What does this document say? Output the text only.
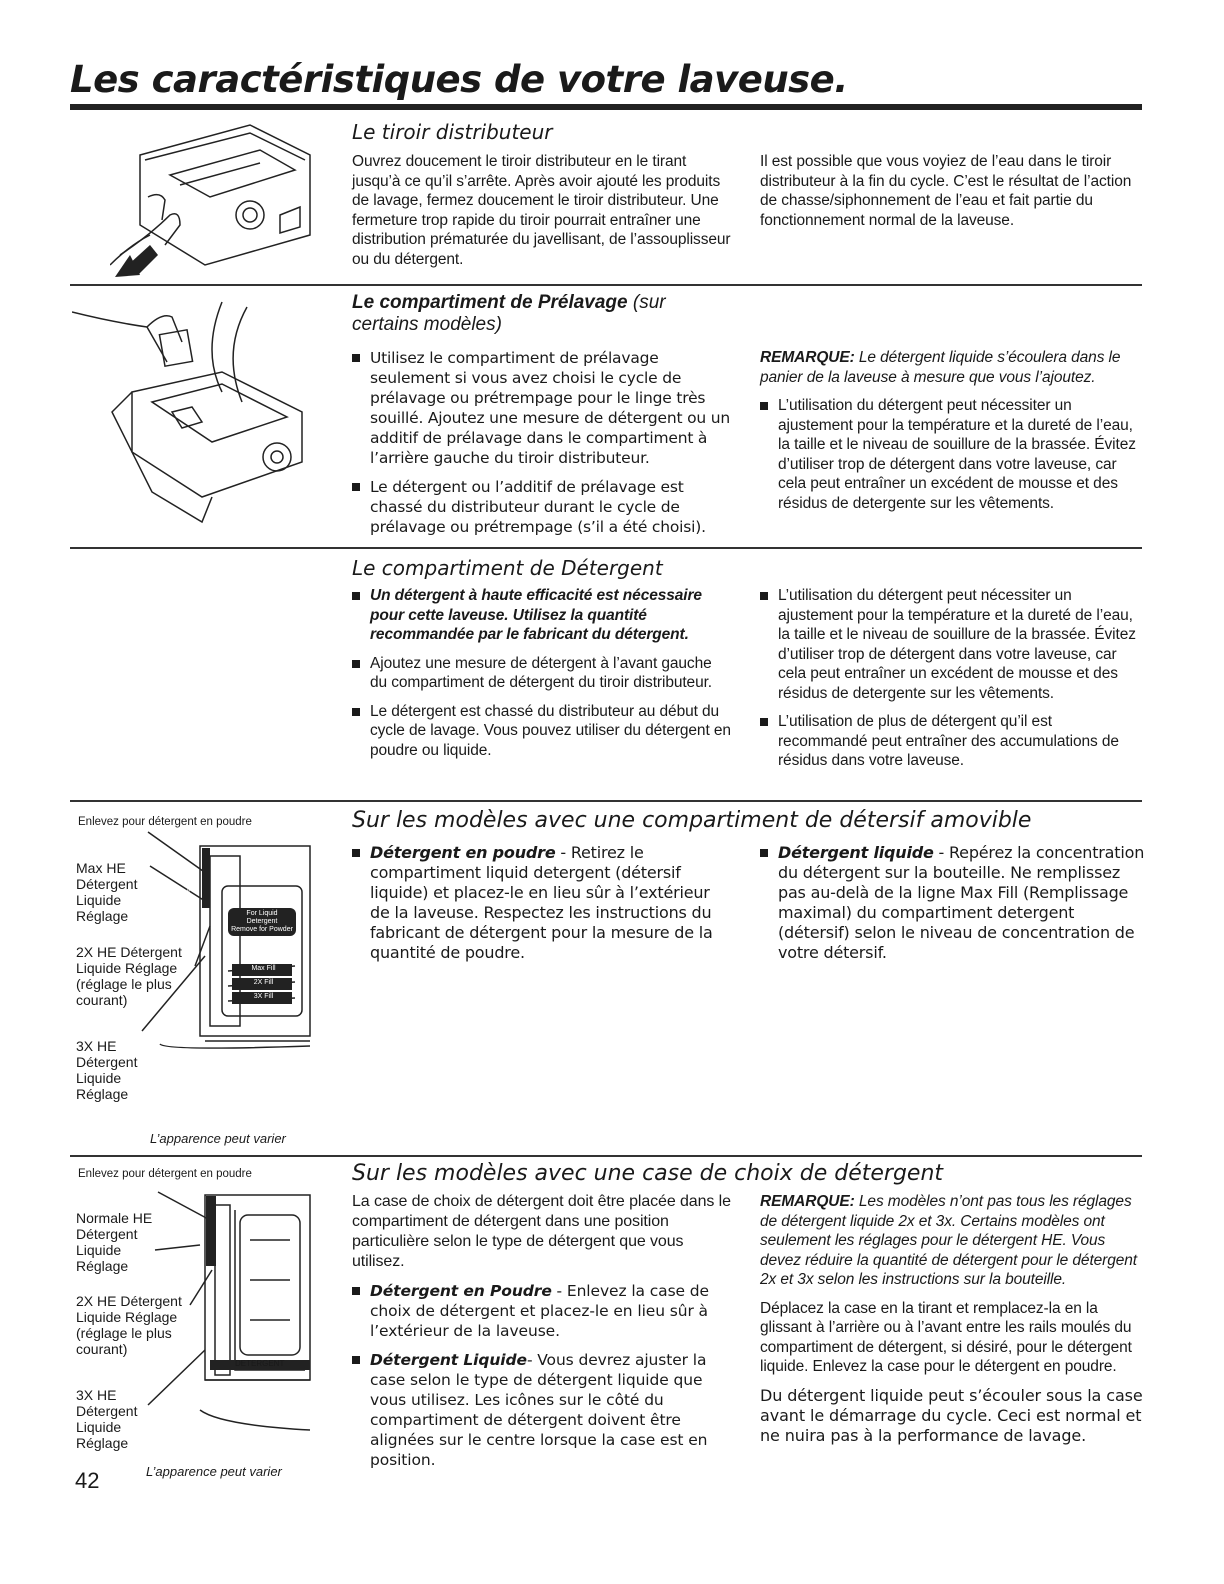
Les caractéristiques de votre laveuse.
Le tiroir distributeur
Ouvrez doucement le tiroir distributeur en le tirant jusqu’à ce qu’il s’arrête. Après avoir ajouté les produits de lavage, fermez doucement le tiroir distributeur. Une fermeture trop rapide du tiroir pourrait entraîner une distribution prématurée du javellisant, de l’assouplisseur ou du détergent.
Il est possible que vous voyiez de l’eau dans le tiroir distributeur à la fin du cycle. C’est le résultat de l’action de chasse/siphonnement de l’eau et fait partie du fonctionnement normal de la laveuse.
Le compartiment de Prélavage (sur certains modèles)
Utilisez le compartiment de prélavage seulement si vous avez choisi le cycle de prélavage ou prétrempage pour le linge très souillé. Ajoutez une mesure de détergent ou un additif de prélavage dans le compartiment à l’arrière gauche du tiroir distributeur.
Le détergent ou l’additif de prélavage est chassé du distributeur durant le cycle de prélavage ou prétrempage (s’il a été choisi).

REMARQUE: Le détergent liquide s’écoulera dans le panier de la laveuse à mesure que vous l’ajoutez.

L’utilisation du détergent peut nécessiter un ajustement pour la température et la dureté de l’eau, la taille et le niveau de souillure de la brassée. Évitez d’utiliser trop de détergent dans votre laveuse, car cela peut entraîner un excédent de mousse et des résidus de detergente sur les vêtements.
Le compartiment de Détergent
Un détergent à haute efficacité est nécessaire pour cette laveuse. Utilisez la quantité recommandée par le fabricant du détergent.
Ajoutez une mesure de détergent à l’avant gauche du compartiment de détergent du tiroir distributeur.
Le détergent est chassé du distributeur au début du cycle de lavage. Vous pouvez utiliser du détergent en poudre ou liquide.
L’utilisation du détergent peut nécessiter un ajustement pour la température et la dureté de l’eau, la taille et le niveau de souillure de la brassée. Évitez d’utiliser trop de détergent dans votre laveuse, car cela peut entraîner un excédent de mousse et des résidus de detergente sur les vêtements.
L’utilisation de plus de détergent qu’il est recommandé peut entraîner des accumulations de résidus dans votre laveuse.
Enlevez pour détergent en poudre
Max HE
Détergent
Liquide
Réglage
2X HE Détergent
Liquide Réglage
(réglage le plus
courant)
3X HE
Détergent
Liquide
Réglage
For Liquid
Detergent
Remove for Powder
Max Fill
2X Fill
3X Fill
PREWASH
L’apparence peut varier
Sur les modèles avec une compartiment de détersif amovible
Détergent en poudre - Retirez le compartiment liquid detergent (détersif liquide) et placez-le en lieu sûr à l’extérieur de la laveuse. Respectez les instructions du fabricant de détergent pour la mesure de la quantité de poudre.
Détergent liquide - Repérez la concentration du détergent sur la bouteille. Ne remplissez pas au-delà de la ligne Max Fill (Remplissage maximal) du compartiment detergent (détersif) selon le niveau de concentration de votre détersif.
Enlevez pour détergent en poudre
Normale HE
Détergent
Liquide
Réglage
2X HE Détergent
Liquide Réglage
(réglage le plus
courant)
3X HE
Détergent
Liquide
Réglage
DETERGENT
L’apparence peut varier
Sur les modèles avec une case de choix de détergent

La case de choix de détergent doit être placée dans le compartiment de détergent dans une position particulière selon le type de détergent que vous utilisez.

Détergent en Poudre - Enlevez la case de choix de détergent et placez-le en lieu sûr à l’extérieur de la laveuse.
Détergent Liquide- Vous devrez ajuster la case selon le type de détergent liquide que vous utilisez. Les icônes sur le côté du compartiment de détergent doivent être alignées sur le centre lorsque la case est en position.

REMARQUE: Les modèles n’ont pas tous les réglages de détergent liquide 2x et 3x. Certains modèles ont seulement les réglages pour le détergent HE. Vous devez réduire la quantité de détergent pour le détergent 2x et 3x selon les instructions sur la bouteille.

Déplacez la case en la tirant et remplacez-la en la glissant à l’arrière ou à l’avant entre les rails moulés du compartiment de détergent, si désiré, pour le détergent liquide. Enlevez la case pour le détergent en poudre.

Du détergent liquide peut s’écouler sous la case avant le démarrage du cycle. Ceci est normal et ne nuira pas à la performance de lavage.

42
